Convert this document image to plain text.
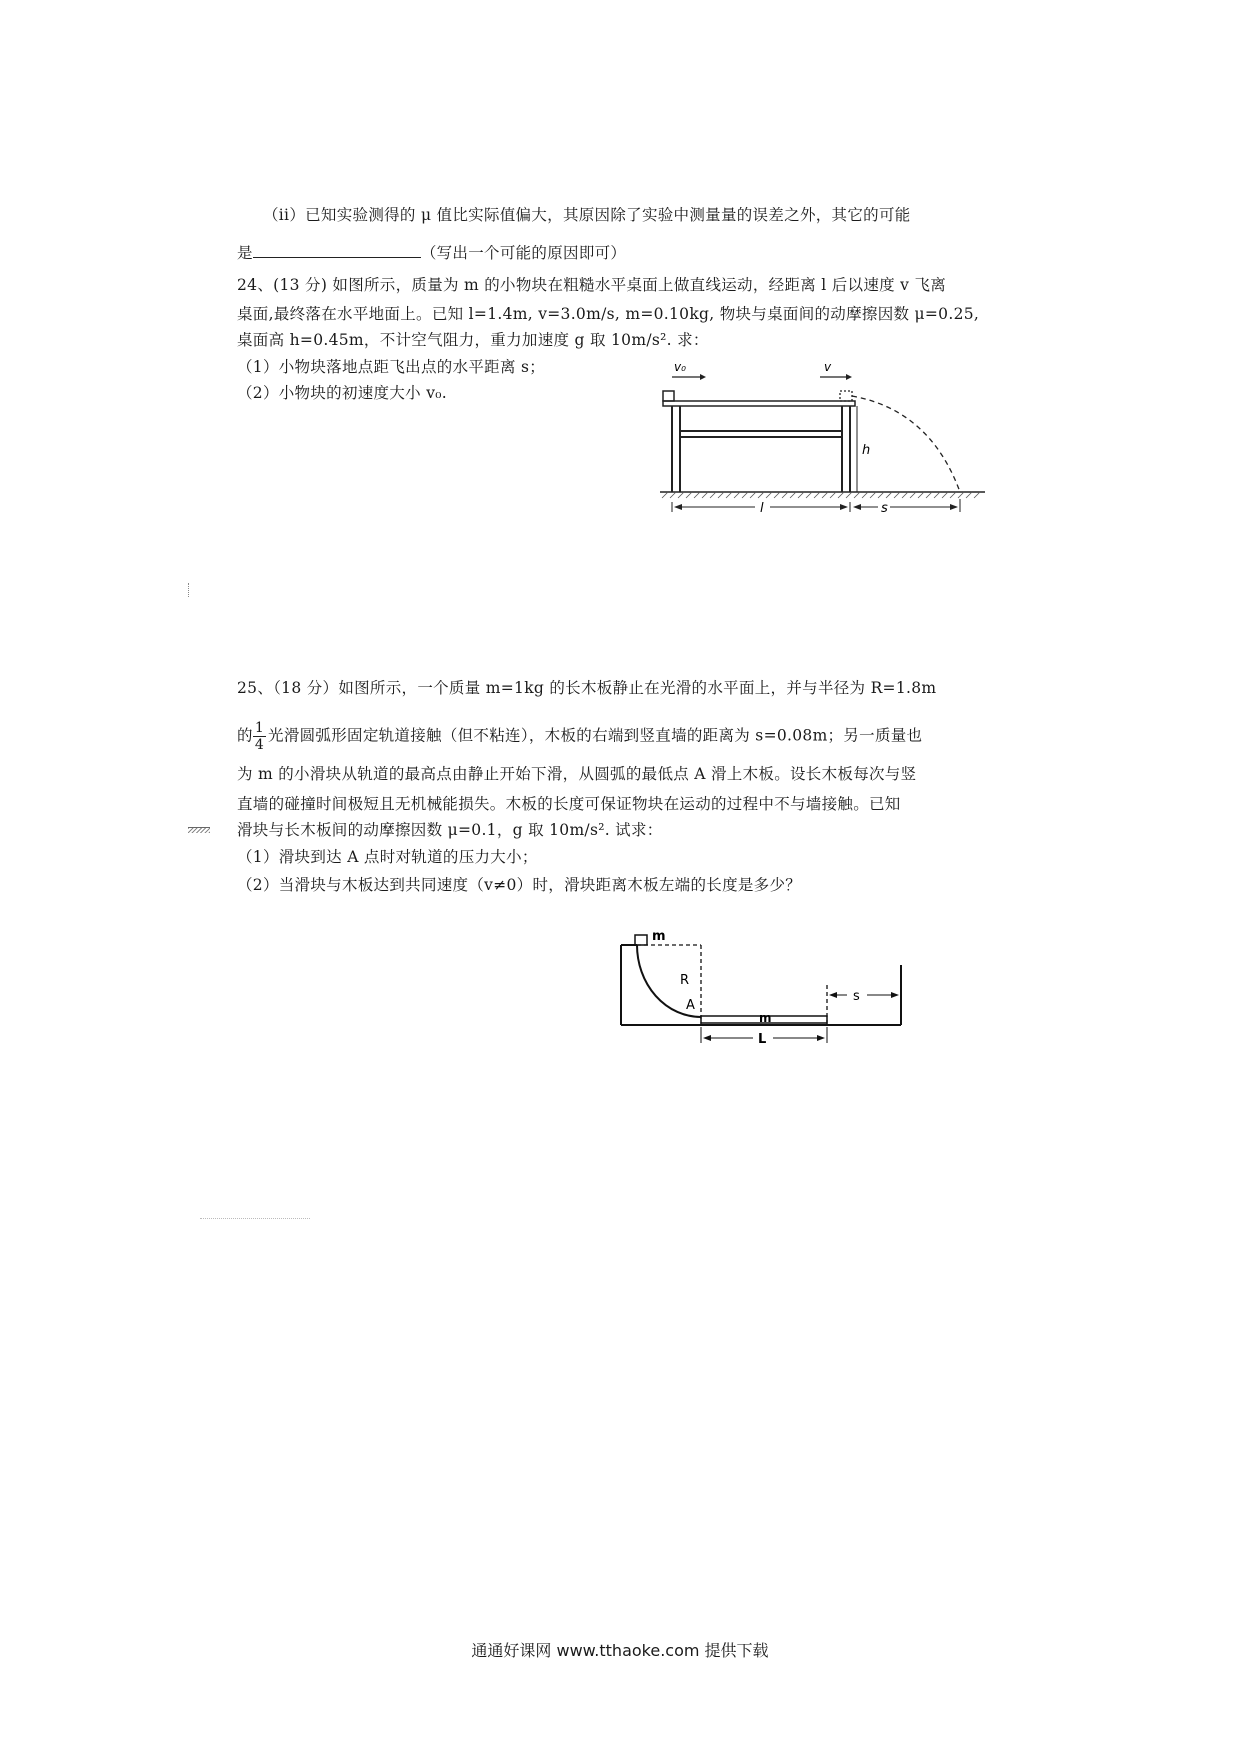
（ii）已知实验测得的 μ 值比实际值偏大，其原因除了实验中测量量的误差之外，其它的可能
是	（写出一个可能的原因即可）
24、(13 分) 如图所示，质量为 m 的小物块在粗糙水平桌面上做直线运动，经距离 l 后以速度 v 飞离
桌面,最终落在水平地面上。已知 l=1.4m, v=3.0m/s, m=0.10kg, 物块与桌面间的动摩擦因数 μ=0.25,
桌面高 h=0.45m，不计空气阻力，重力加速度 g 取 10m/s². 求：
（1）小物块落地点距飞出点的水平距离 s；
（2）小物块的初速度大小 v₀.
v₀	v
h
l	s
25、（18 分）如图所示，一个质量 m=1kg 的长木板静止在光滑的水平面上，并与半径为 R=1.8m
的 $\frac{1}{4}$ 光滑圆弧形固定轨道接触（但不粘连），木板的右端到竖直墙的距离为 s=0.08m；另一质量也
为 m 的小滑块从轨道的最高点由静止开始下滑，从圆弧的最低点 A 滑上木板。设长木板每次与竖
直墙的碰撞时间极短且无机械能损失。木板的长度可保证物块在运动的过程中不与墙接触。已知
滑块与长木板间的动摩擦因数 μ=0.1，g 取 10m/s². 试求：
（1）滑块到达 A 点时对轨道的压力大小；
（2）当滑块与木板达到共同速度（v≠0）时，滑块距离木板左端的长度是多少？
m
R
A
m
s
L
通通好课网 www.tthaoke.com 提供下载
